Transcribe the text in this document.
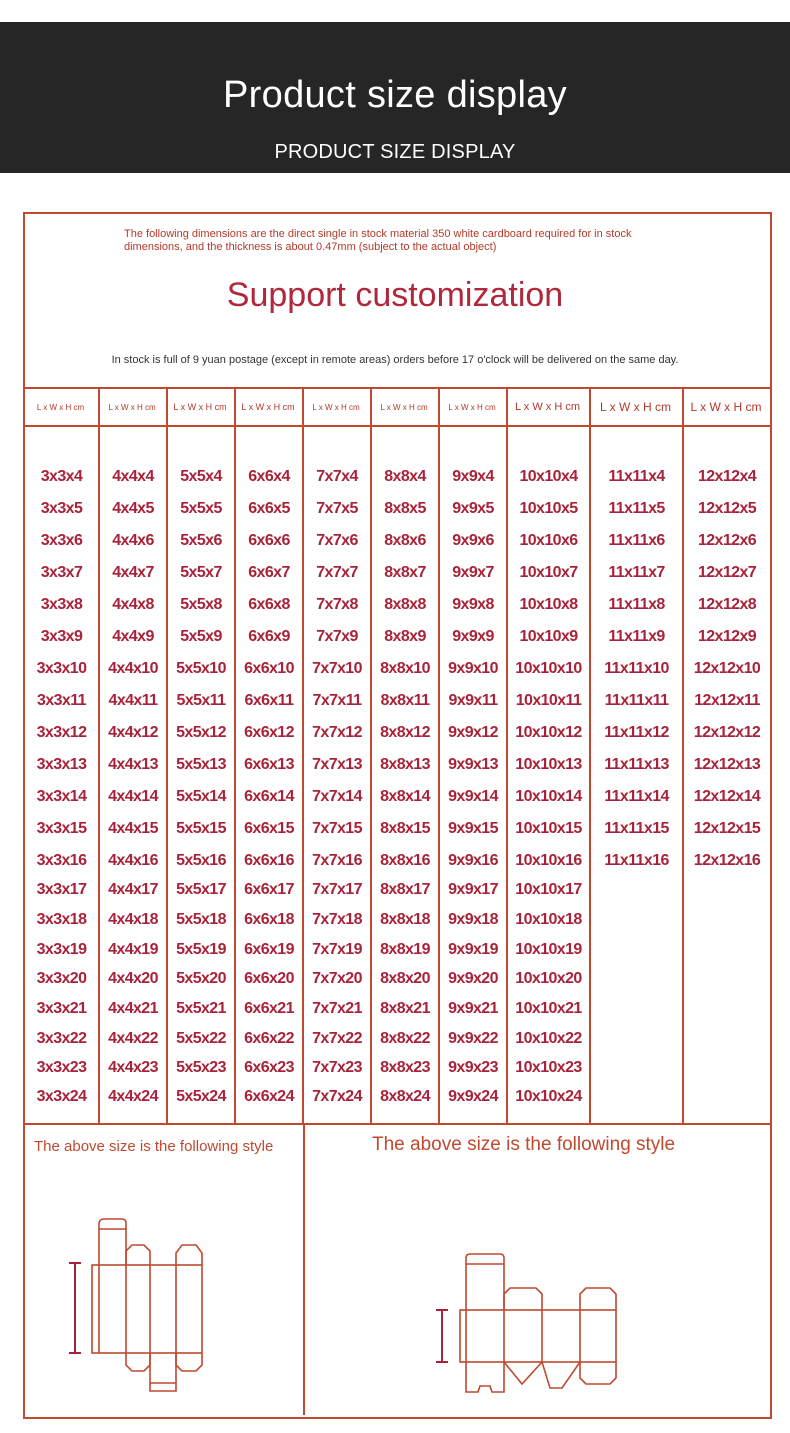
Product size display
PRODUCT SIZE DISPLAY
The following dimensions are the direct single in stock material 350 white cardboard required for in stock dimensions, and the thickness is about 0.47mm (subject to the actual object)
Support customization
In stock is full of 9 yuan postage (except in remote areas) orders before 17 o'clock will be delivered on the same day.
L x W x H cm
3x3x4
3x3x5
3x3x6
3x3x7
3x3x8
3x3x9
3x3x10
3x3x11
3x3x12
3x3x13
3x3x14
3x3x15
3x3x16
3x3x17
3x3x18
3x3x19
3x3x20
3x3x21
3x3x22
3x3x23
3x3x24
L x W x H cm
4x4x4
4x4x5
4x4x6
4x4x7
4x4x8
4x4x9
4x4x10
4x4x11
4x4x12
4x4x13
4x4x14
4x4x15
4x4x16
4x4x17
4x4x18
4x4x19
4x4x20
4x4x21
4x4x22
4x4x23
4x4x24
L x W x H cm
5x5x4
5x5x5
5x5x6
5x5x7
5x5x8
5x5x9
5x5x10
5x5x11
5x5x12
5x5x13
5x5x14
5x5x15
5x5x16
5x5x17
5x5x18
5x5x19
5x5x20
5x5x21
5x5x22
5x5x23
5x5x24
L x W x H cm
6x6x4
6x6x5
6x6x6
6x6x7
6x6x8
6x6x9
6x6x10
6x6x11
6x6x12
6x6x13
6x6x14
6x6x15
6x6x16
6x6x17
6x6x18
6x6x19
6x6x20
6x6x21
6x6x22
6x6x23
6x6x24
L x W x H cm
7x7x4
7x7x5
7x7x6
7x7x7
7x7x8
7x7x9
7x7x10
7x7x11
7x7x12
7x7x13
7x7x14
7x7x15
7x7x16
7x7x17
7x7x18
7x7x19
7x7x20
7x7x21
7x7x22
7x7x23
7x7x24
L x W x H cm
8x8x4
8x8x5
8x8x6
8x8x7
8x8x8
8x8x9
8x8x10
8x8x11
8x8x12
8x8x13
8x8x14
8x8x15
8x8x16
8x8x17
8x8x18
8x8x19
8x8x20
8x8x21
8x8x22
8x8x23
8x8x24
L x W x H cm
9x9x4
9x9x5
9x9x6
9x9x7
9x9x8
9x9x9
9x9x10
9x9x11
9x9x12
9x9x13
9x9x14
9x9x15
9x9x16
9x9x17
9x9x18
9x9x19
9x9x20
9x9x21
9x9x22
9x9x23
9x9x24
L x W x H cm
10x10x4
10x10x5
10x10x6
10x10x7
10x10x8
10x10x9
10x10x10
10x10x11
10x10x12
10x10x13
10x10x14
10x10x15
10x10x16
10x10x17
10x10x18
10x10x19
10x10x20
10x10x21
10x10x22
10x10x23
10x10x24
L x W x H cm
11x11x4
11x11x5
11x11x6
11x11x7
11x11x8
11x11x9
11x11x10
11x11x11
11x11x12
11x11x13
11x11x14
11x11x15
11x11x16
L x W x H cm
12x12x4
12x12x5
12x12x6
12x12x7
12x12x8
12x12x9
12x12x10
12x12x11
12x12x12
12x12x13
12x12x14
12x12x15
12x12x16
The above size is the following style	The above size is the following style
